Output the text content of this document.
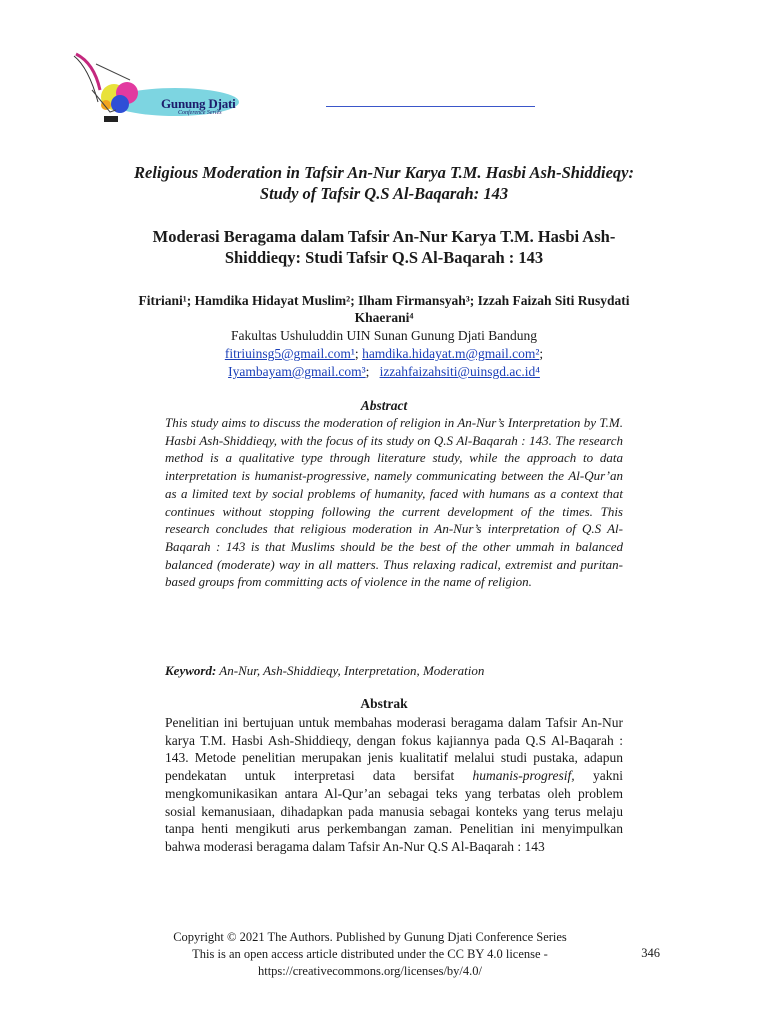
Gunung Djati
Conference Series

Religious Moderation in Tafsir An-Nur Karya T.M. Hasbi Ash-Shiddieqy: Study of Tafsir Q.S Al-Baqarah: 143

Moderasi Beragama dalam Tafsir An-Nur Karya T.M. Hasbi Ash-Shiddieqy: Studi Tafsir Q.S Al-Baqarah : 143

Fitriani¹; Hamdika Hidayat Muslim²; Ilham Firmansyah³; Izzah Faizah Siti Rusydati Khaerani⁴

Fakultas Ushuluddin UIN Sunan Gunung Djati Bandung

fitriuinsg5@gmail.com¹; hamdika.hidayat.m@gmail.com²;

Iyambayam@gmail.com³;   izzahfaizahsiti@uinsgd.ac.id⁴

Abstract

This study aims to discuss the moderation of religion in An-Nur’s Interpretation by T.M. Hasbi Ash-Shiddieqy, with the focus of its study on Q.S Al-Baqarah : 143. The research method is a qualitative type through literature study, while the approach to data interpretation is humanist-progressive, namely communicating between the Al-Qur’an as a limited text by social problems of humanity, faced with humans as a context that continues without stopping following the current development of the times. This research concludes that religious moderation in An-Nur’s interpretation of Q.S Al-Baqarah : 143 is that Muslims should be the best of the other ummah in balanced balanced (moderate) way in all matters. Thus relaxing radical, extremist and puritan-based groups from committing acts of violence in the name of religion.

Keyword: An-Nur, Ash-Shiddieqy, Interpretation, Moderation

Abstrak

Penelitian ini bertujuan untuk membahas moderasi beragama dalam Tafsir An-Nur karya T.M. Hasbi Ash-Shiddieqy, dengan fokus kajiannya pada Q.S Al-Baqarah : 143. Metode penelitian merupakan jenis kualitatif melalui studi pustaka, adapun pendekatan untuk interpretasi data bersifat humanis-progresif, yakni mengkomunikasikan antara Al-Qur’an sebagai teks yang terbatas oleh problem sosial kemanusiaan, dihadapkan pada manusia sebagai konteks yang terus melaju tanpa henti mengikuti arus perkembangan zaman. Penelitian ini menyimpulkan bahwa moderasi beragama dalam Tafsir An-Nur Q.S Al-Baqarah : 143

Copyright © 2021 The Authors. Published by Gunung Djati Conference Series

This is an open access article distributed under the CC BY 4.0 license -

https://creativecommons.org/licenses/by/4.0/

346
